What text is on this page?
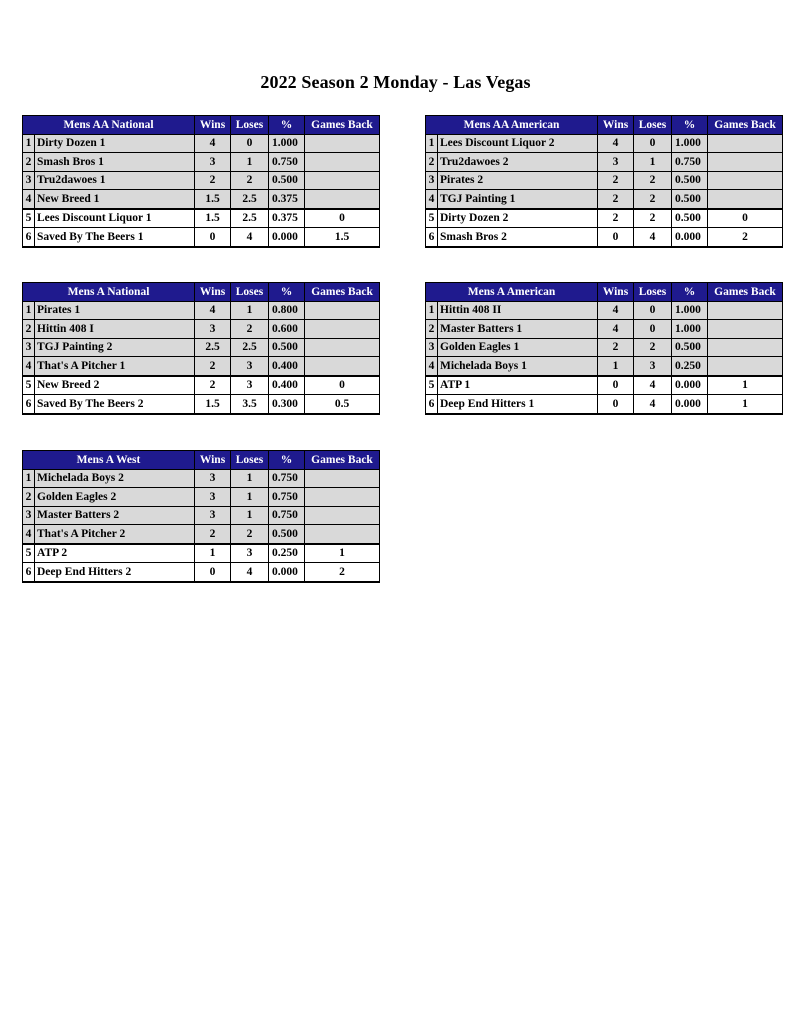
2022 Season 2 Monday - Las Vegas
Mens AA National		Wins	Loses	%	Games Back
1	Dirty Dozen 1	4	0	1.000	
2	Smash Bros 1	3	1	0.750	
3	Tru2dawoes 1	2	2	0.500	
4	New Breed 1	1.5	2.5	0.375	
5	Lees Discount Liquor 1	1.5	2.5	0.375	0
6	Saved By The Beers 1	0	4	0.000	1.5
Mens AA American		Wins	Loses	%	Games Back
1	Lees Discount Liquor 2	4	0	1.000	
2	Tru2dawoes 2	3	1	0.750	
3	Pirates 2	2	2	0.500	
4	TGJ Painting 1	2	2	0.500	
5	Dirty Dozen 2	2	2	0.500	0
6	Smash Bros 2	0	4	0.000	2
Mens A National		Wins	Loses	%	Games Back
1	Pirates 1	4	1	0.800	
2	Hittin 408 I	3	2	0.600	
3	TGJ Painting 2	2.5	2.5	0.500	
4	That's A Pitcher 1	2	3	0.400	
5	New Breed 2	2	3	0.400	0
6	Saved By The Beers 2	1.5	3.5	0.300	0.5
Mens A American		Wins	Loses	%	Games Back
1	Hittin 408 II	4	0	1.000	
2	Master Batters 1	4	0	1.000	
3	Golden Eagles 1	2	2	0.500	
4	Michelada Boys 1	1	3	0.250	
5	ATP 1	0	4	0.000	1
6	Deep End Hitters 1	0	4	0.000	1
Mens A West		Wins	Loses	%	Games Back
1	Michelada Boys 2	3	1	0.750	
2	Golden Eagles 2	3	1	0.750	
3	Master Batters 2	3	1	0.750	
4	That's A Pitcher 2	2	2	0.500	
5	ATP 2	1	3	0.250	1
6	Deep End Hitters 2	0	4	0.000	2
